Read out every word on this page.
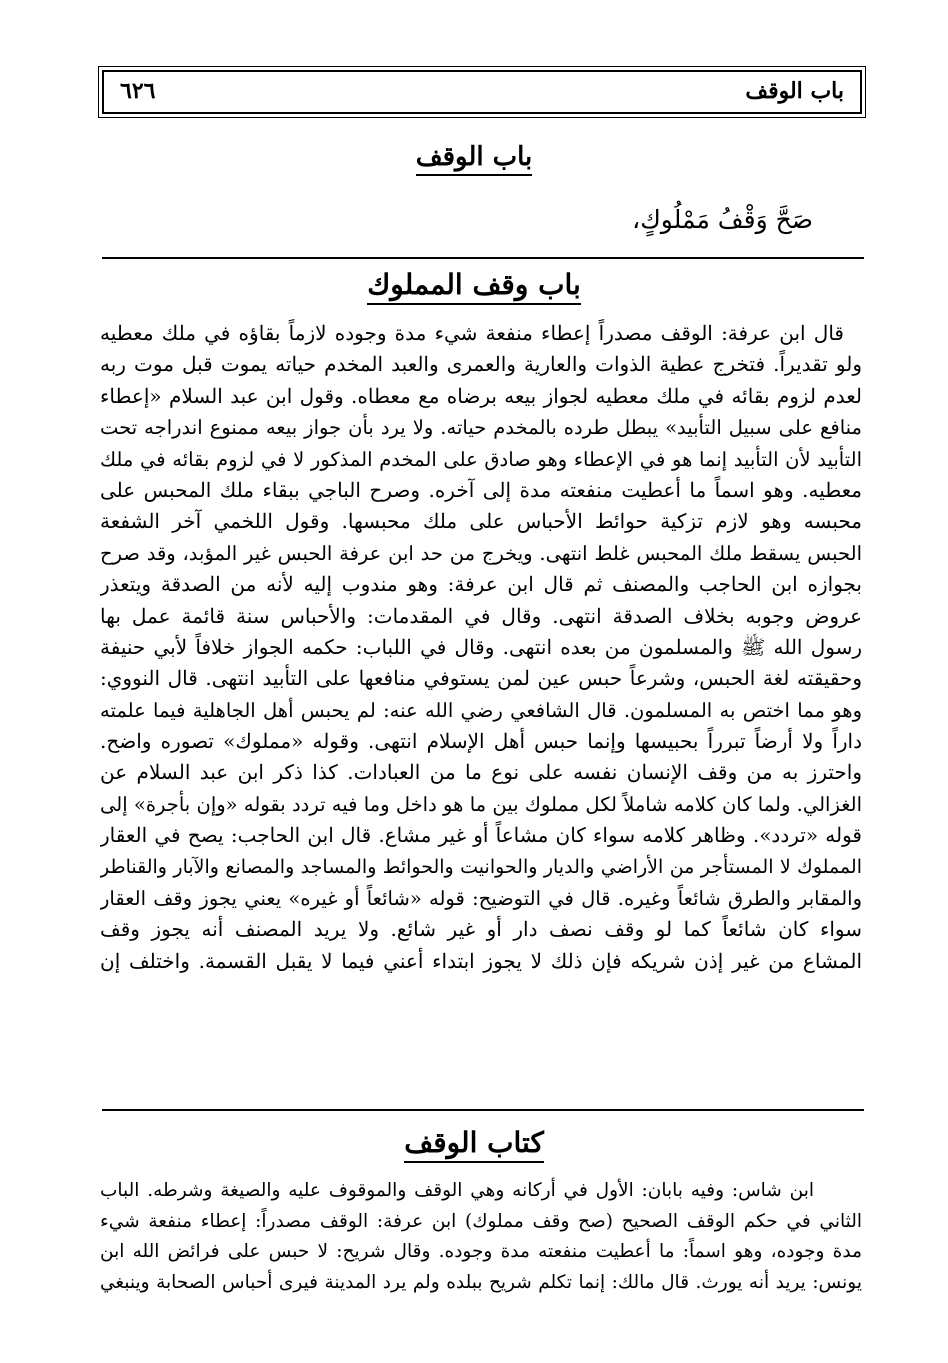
٦٢٦	باب الوقف
باب الوقف
صَحَّ وَقْفُ مَمْلُوكٍ،
باب وقف المملوك
قال ابن عرفة: الوقف مصدراً إعطاء منفعة شيء مدة وجوده لازماً بقاؤه في ملك معطيه
ولو تقديراً. فتخرج عطية الذوات والعارية والعمرى والعبد المخدم حياته يموت قبل موت ربه
لعدم لزوم بقائه في ملك معطيه لجواز بيعه برضاه مع معطاه. وقول ابن عبد السلام «إعطاء
منافع على سبيل التأبيد» يبطل طرده بالمخدم حياته. ولا يرد بأن جواز بيعه ممنوع اندراجه تحت
التأبيد لأن التأبيد إنما هو في الإعطاء وهو صادق على المخدم المذكور لا في لزوم بقائه في ملك
معطيه. وهو اسماً ما أعطيت منفعته مدة إلى آخره. وصرح الباجي ببقاء ملك المحبس على
محبسه وهو لازم تزكية حوائط الأحباس على ملك محبسها. وقول اللخمي آخر الشفعة
الحبس يسقط ملك المحبس غلط انتهى. ويخرج من حد ابن عرفة الحبس غير المؤبد، وقد صرح
بجوازه ابن الحاجب والمصنف ثم قال ابن عرفة: وهو مندوب إليه لأنه من الصدقة ويتعذر
عروض وجوبه بخلاف الصدقة انتهى. وقال في المقدمات: والأحباس سنة قائمة عمل بها
رسول الله ﷺ والمسلمون من بعده انتهى. وقال في اللباب: حكمه الجواز خلافاً لأبي حنيفة
وحقيقته لغة الحبس، وشرعاً حبس عين لمن يستوفي منافعها على التأبيد انتهى. قال النووي:
وهو مما اختص به المسلمون. قال الشافعي رضي الله عنه: لم يحبس أهل الجاهلية فيما علمته
داراً ولا أرضاً تبرراً بحبيسها وإنما حبس أهل الإسلام انتهى. وقوله «مملوك» تصوره واضح.
واحترز به من وقف الإنسان نفسه على نوع ما من العبادات. كذا ذكر ابن عبد السلام عن
الغزالي. ولما كان كلامه شاملاً لكل مملوك بين ما هو داخل وما فيه تردد بقوله «وإن بأجرة» إلى
قوله «تردد». وظاهر كلامه سواء كان مشاعاً أو غير مشاع. قال ابن الحاجب: يصح في العقار
المملوك لا المستأجر من الأراضي والديار والحوانيت والحوائط والمساجد والمصانع والآبار والقناطر
والمقابر والطرق شائعاً وغيره. قال في التوضيح: قوله «شائعاً أو غيره» يعني يجوز وقف العقار
سواء كان شائعاً كما لو وقف نصف دار أو غير شائع. ولا يريد المصنف أنه يجوز وقف
المشاع من غير إذن شريكه فإن ذلك لا يجوز ابتداء أعني فيما لا يقبل القسمة. واختلف إن
كتاب الوقف
ابن شاس: وفيه بابان: الأول في أركانه وهي الوقف والموقوف عليه والصيغة وشرطه. الباب
الثاني في حكم الوقف الصحيح (صح وقف مملوك) ابن عرفة: الوقف مصدراً: إعطاء منفعة شيء
مدة وجوده، وهو اسماً: ما أعطيت منفعته مدة وجوده. وقال شريح: لا حبس على فرائض الله ابن
يونس: يريد أنه يورث. قال مالك: إنما تكلم شريح ببلده ولم يرد المدينة فيرى أحباس الصحابة وينبغي
